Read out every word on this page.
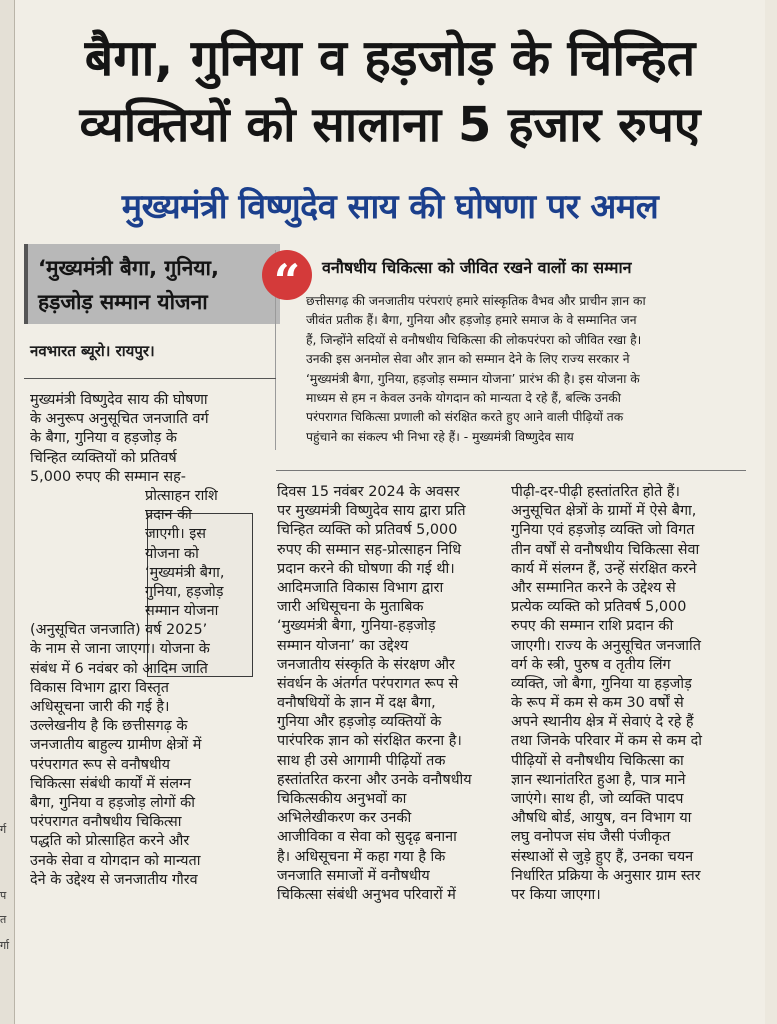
र्ग
प
त
र्गा
बैगा, गुनिया व हड़जोड़ के चिन्हित
व्यक्तियों को सालाना 5 हजार रुपए
मुख्यमंत्री विष्णुदेव साय की घोषणा पर अमल
‘मुख्यमंत्री बैगा, गुनिया,
हड़जोड़ सम्मान योजना
नवभारत ब्यूरो। रायपुर।
“	वनौषधीय चिकित्सा को जीवित रखने वालों का सम्मान
छत्तीसगढ़ की जनजातीय परंपराएं हमारे सांस्कृतिक वैभव और प्राचीन ज्ञान का
जीवंत प्रतीक हैं। बैगा, गुनिया और हड़जोड़ हमारे समाज के वे सम्मानित जन
हैं, जिन्होंने सदियों से वनौषधीय चिकित्सा की लोकपरंपरा को जीवित रखा है।
उनकी इस अनमोल सेवा और ज्ञान को सम्मान देने के लिए राज्य सरकार ने
‘मुख्यमंत्री बैगा, गुनिया, हड़जोड़ सम्मान योजना’ प्रारंभ की है। इस योजना के
माध्यम से हम न केवल उनके योगदान को मान्यता दे रहे हैं, बल्कि उनकी
परंपरागत चिकित्सा प्रणाली को संरक्षित करते हुए आने वाली पीढ़ियों तक
पहुंचाने का संकल्प भी निभा रहे हैं। - मुख्यमंत्री विष्णुदेव साय
मुख्यमंत्री विष्णुदेव साय की घोषणा
के अनुरूप अनुसूचित जनजाति वर्ग
के बैगा, गुनिया व हड़जोड़ के
चिन्हित व्यक्तियों को प्रतिवर्ष
5,000 रुपए की सम्मान सह-
प्रोत्साहन राशि
प्रदान की
जाएगी। इस
योजना को
‘मुख्यमंत्री बैगा,
गुनिया, हड़जोड़
सम्मान योजना
(अनुसूचित जनजाति) वर्ष 2025’
के नाम से जाना जाएगा। योजना के
संबंध में 6 नवंबर को आदिम जाति
विकास विभाग द्वारा विस्तृत
अधिसूचना जारी की गई है।
उल्लेखनीय है कि छत्तीसगढ़ के
जनजातीय बाहुल्य ग्रामीण क्षेत्रों में
परंपरागत रूप से वनौषधीय
चिकित्सा संबंधी कार्यों में संलग्न
बैगा, गुनिया व हड़जोड़ लोगों की
परंपरागत वनौषधीय चिकित्सा
पद्धति को प्रोत्साहित करने और
उनके सेवा व योगदान को मान्यता
देने के उद्देश्य से जनजातीय गौरव
दिवस 15 नवंबर 2024 के अवसर
पर मुख्यमंत्री विष्णुदेव साय द्वारा प्रति
चिन्हित व्यक्ति को प्रतिवर्ष 5,000
रुपए की सम्मान सह-प्रोत्साहन निधि
प्रदान करने की घोषणा की गई थी।
आदिमजाति विकास विभाग द्वारा
जारी अधिसूचना के मुताबिक
‘मुख्यमंत्री बैगा, गुनिया-हड़जोड़
सम्मान योजना’ का उद्देश्य
जनजातीय संस्कृति के संरक्षण और
संवर्धन के अंतर्गत परंपरागत रूप से
वनौषधियों के ज्ञान में दक्ष बैगा,
गुनिया और हड़जोड़ व्यक्तियों के
पारंपरिक ज्ञान को संरक्षित करना है।
साथ ही उसे आगामी पीढ़ियों तक
हस्तांतरित करना और उनके वनौषधीय
चिकित्सकीय अनुभवों का
अभिलेखीकरण कर उनकी
आजीविका व सेवा को सुदृढ़ बनाना
है। अधिसूचना में कहा गया है कि
जनजाति समाजों में वनौषधीय
चिकित्सा संबंधी अनुभव परिवारों में
पीढ़ी-दर-पीढ़ी हस्तांतरित होते हैं।
अनुसूचित क्षेत्रों के ग्रामों में ऐसे बैगा,
गुनिया एवं हड़जोड़ व्यक्ति जो विगत
तीन वर्षों से वनौषधीय चिकित्सा सेवा
कार्य में संलग्न हैं, उन्हें संरक्षित करने
और सम्मानित करने के उद्देश्य से
प्रत्येक व्यक्ति को प्रतिवर्ष 5,000
रुपए की सम्मान राशि प्रदान की
जाएगी। राज्य के अनुसूचित जनजाति
वर्ग के स्त्री, पुरुष व तृतीय लिंग
व्यक्ति, जो बैगा, गुनिया या हड़जोड़
के रूप में कम से कम 30 वर्षों से
अपने स्थानीय क्षेत्र में सेवाएं दे रहे हैं
तथा जिनके परिवार में कम से कम दो
पीढ़ियों से वनौषधीय चिकित्सा का
ज्ञान स्थानांतरित हुआ है, पात्र माने
जाएंगे। साथ ही, जो व्यक्ति पादप
औषधि बोर्ड, आयुष, वन विभाग या
लघु वनोपज संघ जैसी पंजीकृत
संस्थाओं से जुड़े हुए हैं, उनका चयन
निर्धारित प्रक्रिया के अनुसार ग्राम स्तर
पर किया जाएगा।
